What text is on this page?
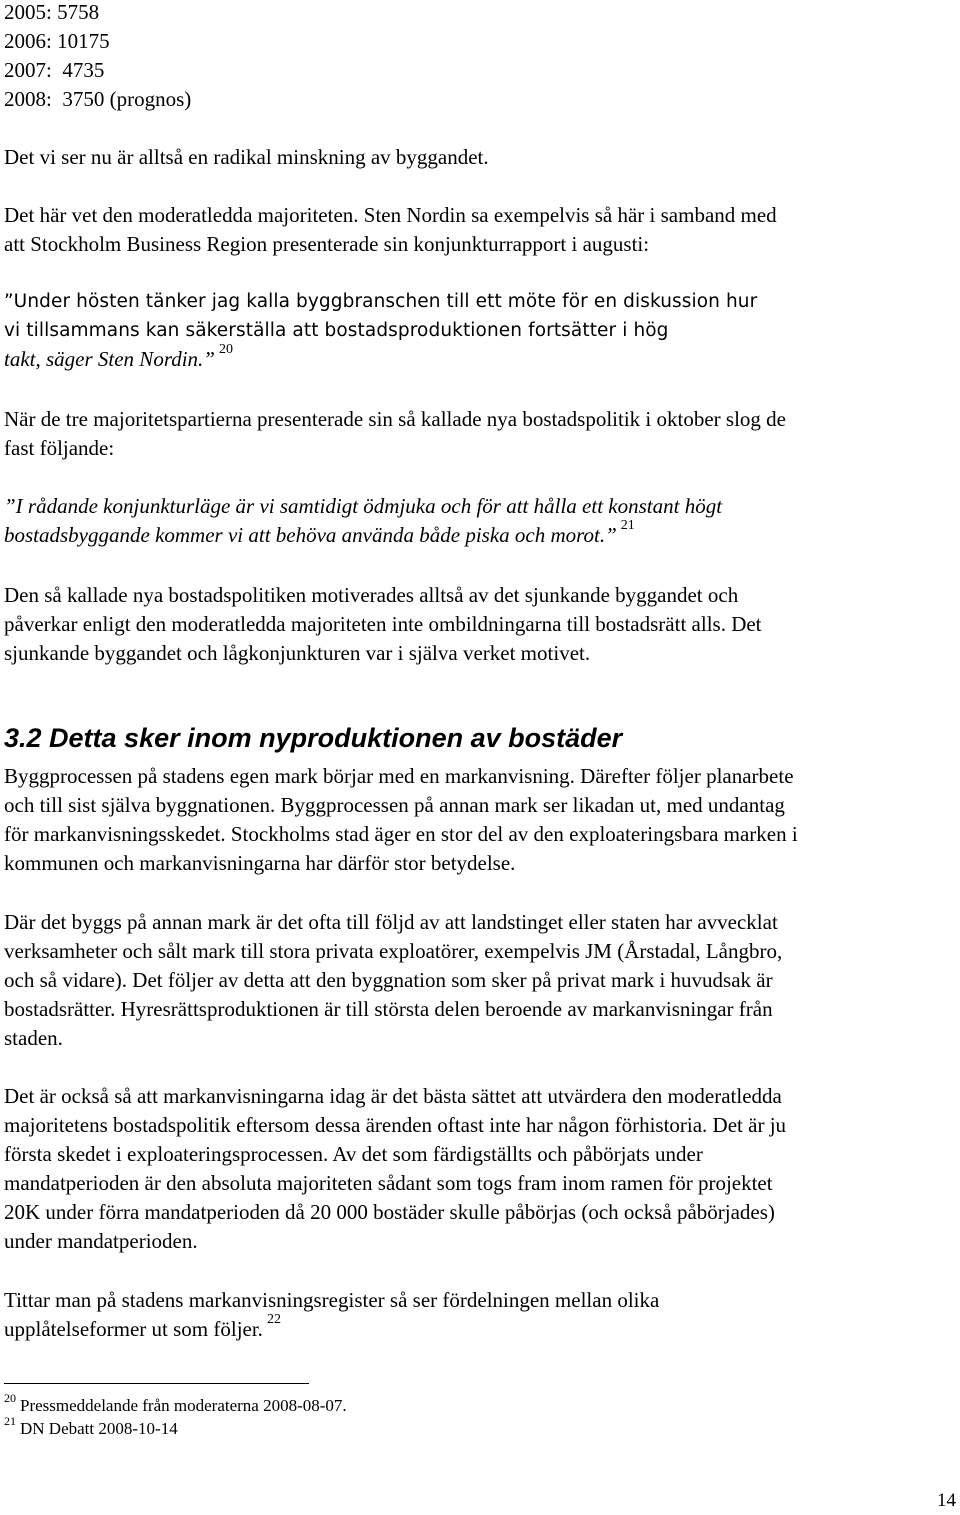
2005: 5758
2006: 10175
2007: 4735
2008: 3750 (prognos)
Det vi ser nu är alltså en radikal minskning av byggandet.
Det här vet den moderatledda majoriteten. Sten Nordin sa exempelvis så här i samband med
att Stockholm Business Region presenterade sin konjunkturrapport i augusti:
”Under hösten tänker jag kalla byggbranschen till ett möte för en diskussion hur
vi tillsammans kan säkerställa att bostadsproduktionen fortsätter i hög
takt, säger Sten Nordin.” $^{20}$
När de tre majoritetspartierna presenterade sin så kallade nya bostadspolitik i oktober slog de
fast följande:
”I rådande konjunkturläge är vi samtidigt ödmjuka och för att hålla ett konstant högt
bostadsbyggande kommer vi att behöva använda både piska och morot.” $^{21}$
Den så kallade nya bostadspolitiken motiverades alltså av det sjunkande byggandet och
påverkar enligt den moderatledda majoriteten inte ombildningarna till bostadsrätt alls. Det
sjunkande byggandet och lågkonjunkturen var i själva verket motivet.
3.2 Detta sker inom nyproduktionen av bostäder
Byggprocessen på stadens egen mark börjar med en markanvisning. Därefter följer planarbete
och till sist själva byggnationen. Byggprocessen på annan mark ser likadan ut, med undantag
för markanvisningsskedet. Stockholms stad äger en stor del av den exploateringsbara marken i
kommunen och markanvisningarna har därför stor betydelse.
Där det byggs på annan mark är det ofta till följd av att landstinget eller staten har avvecklat
verksamheter och sålt mark till stora privata exploatörer, exempelvis JM (Årstadal, Långbro,
och så vidare). Det följer av detta att den byggnation som sker på privat mark i huvudsak är
bostadsrätter. Hyresrättsproduktionen är till största delen beroende av markanvisningar från
staden.
Det är också så att markanvisningarna idag är det bästa sättet att utvärdera den moderatledda
majoritetens bostadspolitik eftersom dessa ärenden oftast inte har någon förhistoria. Det är ju
första skedet i exploateringsprocessen. Av det som färdigställts och påbörjats under
mandatperioden är den absoluta majoriteten sådant som togs fram inom ramen för projektet
20K under förra mandatperioden då 20 000 bostäder skulle påbörjas (och också påbörjades)
under mandatperioden.
Tittar man på stadens markanvisningsregister så ser fördelningen mellan olika
upplåtelseformer ut som följer. $^{22}$
$^{20}$ Pressmeddelande från moderaterna 2008-08-07.
$^{21}$ DN Debatt 2008-10-14
14
